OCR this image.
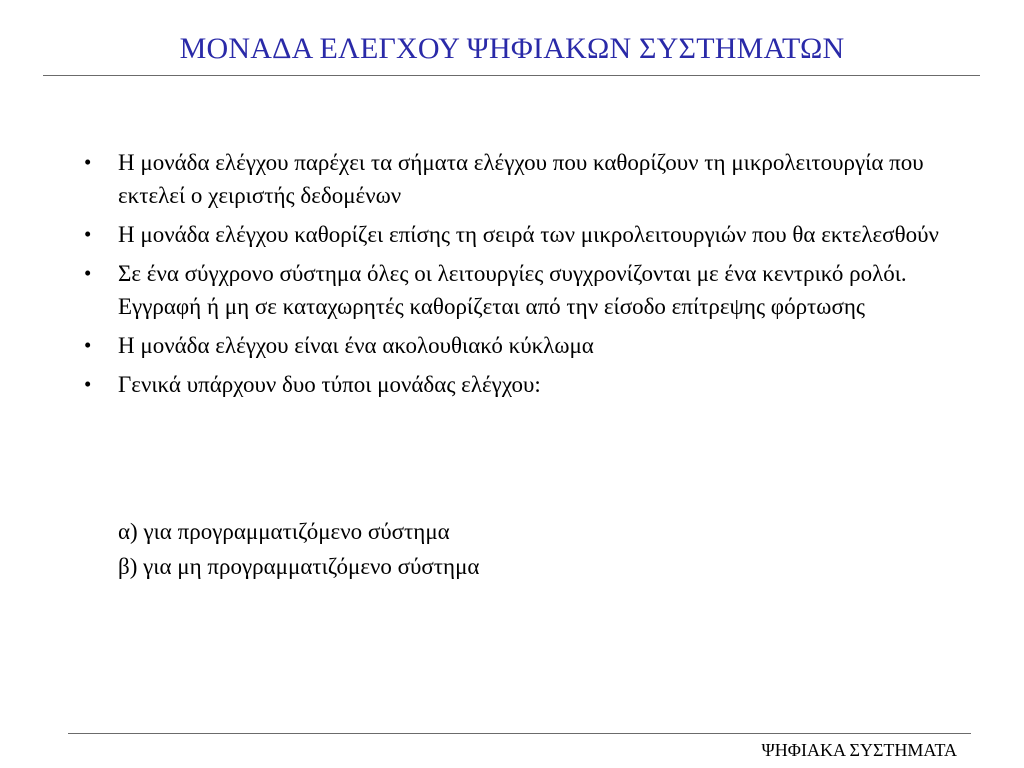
ΜΟΝΑΔΑ ΕΛΕΓΧΟΥ ΨΗΦΙΑΚΩΝ ΣΥΣΤΗΜΑΤΩΝ
• Η μονάδα ελέγχου παρέχει τα σήματα ελέγχου που καθορίζουν τη μικρολειτουργία που εκτελεί ο χειριστής δεδομένων
• Η μονάδα ελέγχου καθορίζει επίσης τη σειρά των μικρολειτουργιών που θα εκτελεσθούν
• Σε ένα σύγχρονο σύστημα όλες οι λειτουργίες συγχρονίζονται με ένα κεντρικό ρολόι. Εγγραφή ή μη σε καταχωρητές καθορίζεται από την είσοδο επίτρεψης φόρτωσης
• Η μονάδα ελέγχου είναι ένα ακολουθιακό κύκλωμα
• Γενικά υπάρχουν δυο τύποι μονάδας ελέγχου:
α) για προγραμματιζόμενο σύστημα
β) για μη προγραμματιζόμενο σύστημα
ΨΗΦΙΑΚΑ ΣΥΣΤΗΜΑΤΑ
